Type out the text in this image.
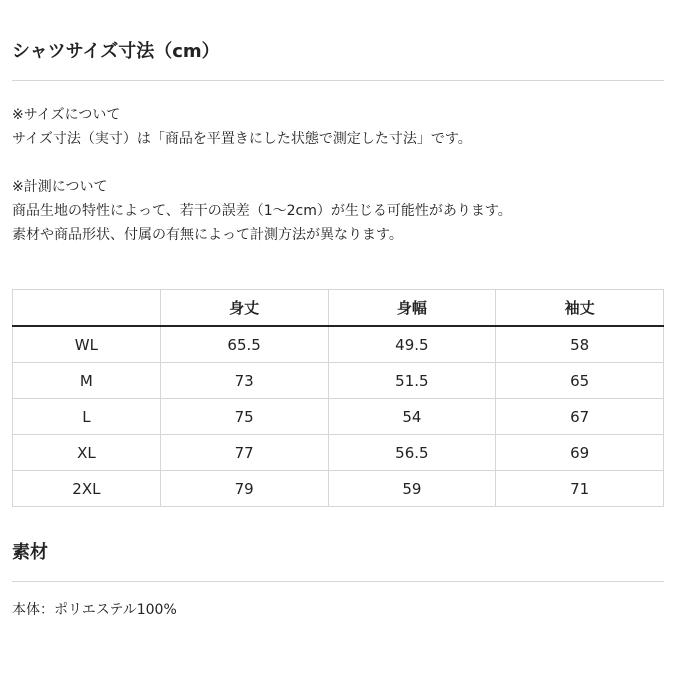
シャツサイズ寸法（cm）

※サイズについて

サイズ寸法（実寸）は「商品を平置きにした状態で測定した寸法」です。

※計測について

商品生地の特性によって、若干の誤差（1〜2cm）が生じる可能性があります。

素材や商品形状、付属の有無によって計測方法が異なります。

	身丈	身幅	袖丈
WL	65.5	49.5	58
M	73	51.5	65
L	75	54	67
XL	77	56.5	69
2XL	79	59	71
素材
本体：ポリエステル100%
